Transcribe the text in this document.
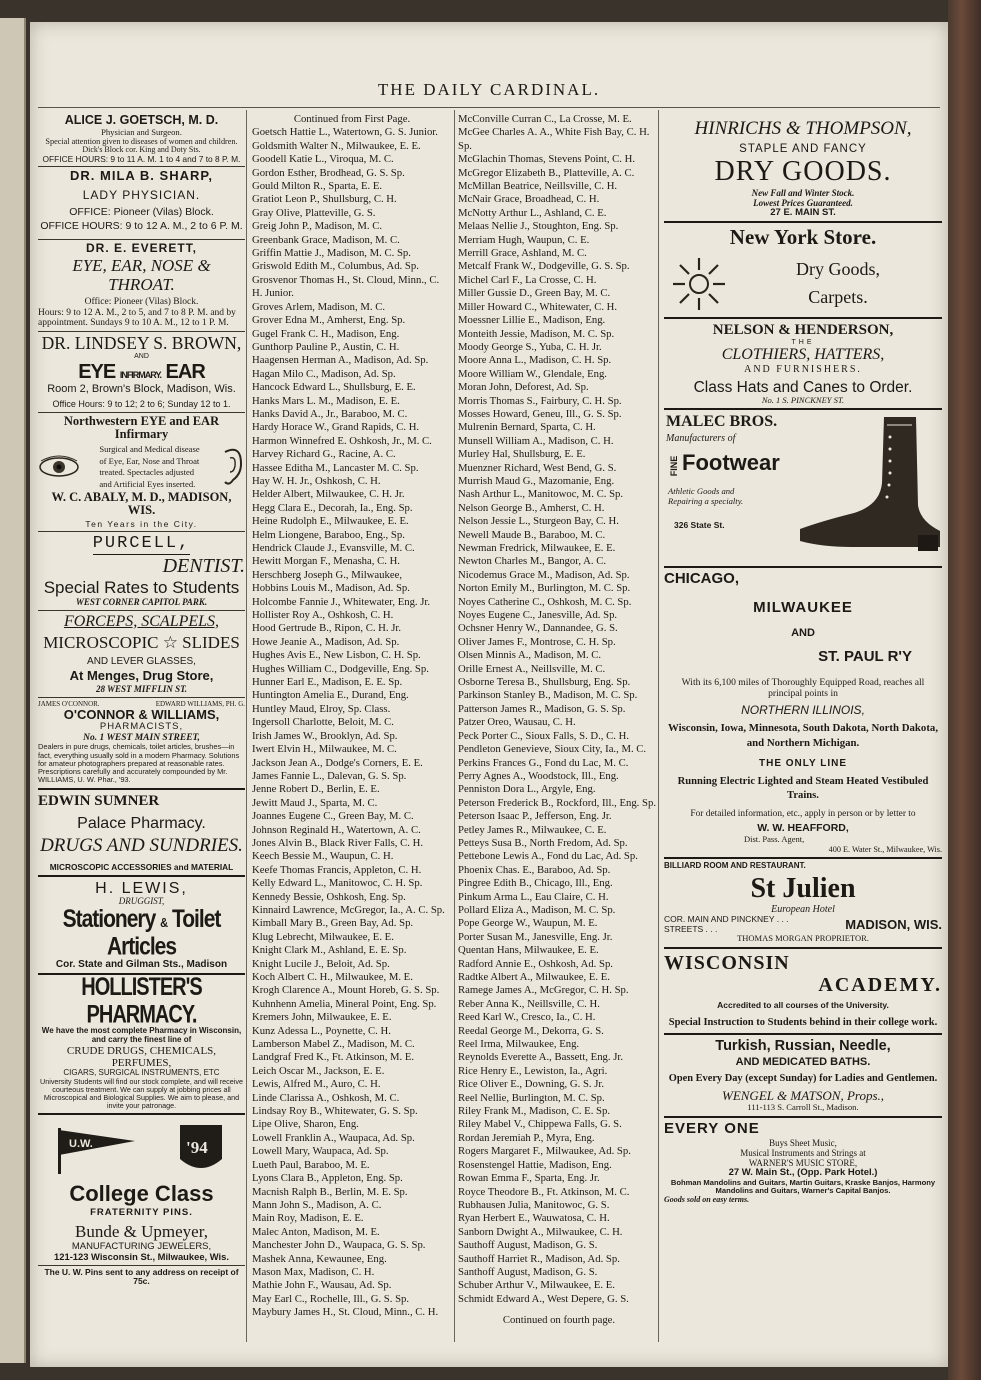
THE DAILY CARDINAL.

ALICE J. GOETSCH, M. D.

Physician and Surgeon.

Special attention given to diseases of women and children.

Dick's Block cor. King and Doty Sts.

OFFICE HOURS: 9 to 11 A. M. 1 to 4 and 7 to 8 P. M.

DR. MILA B. SHARP,

LADY PHYSICIAN.

OFFICE: Pioneer (Vilas) Block.

OFFICE HOURS: 9 to 12 A. M., 2 to 6 P. M.

DR. E. EVERETT,

EYE, EAR, NOSE & THROAT.

Office: Pioneer (Vilas) Block.

Hours: 9 to 12 A. M., 2 to 5, and 7 to 8 P. M. and by appointment. Sundays 9 to 10 A. M., 12 to 1 P. M.

DR. LINDSEY S. BROWN,

AND

EYE INFIRMARY. EAR

Room 2, Brown's Block, Madison, Wis.

Office Hours: 9 to 12; 2 to 6; Sunday 12 to 1.

Northwestern EYE and EAR Infirmary

Surgical and Medical disease
of Eye, Ear, Nose and Throat
treated. Spectacles adjusted
and Artificial Eyes inserted.

W. C. ABALY, M. D., MADISON, WIS.

Ten Years in the City.

PURCELL,

DENTIST.

Special Rates to Students

WEST CORNER CAPITOL PARK.

FORCEPS, SCALPELS,

MICROSCOPIC ☆ SLIDES

AND LEVER GLASSES,

At Menges, Drug Store,

28 WEST MIFFLIN ST.

JAMES O'CONNOR.	EDWARD WILLIAMS, PH. G.

O'CONNOR & WILLIAMS,

PHARMACISTS,

No. 1 WEST MAIN STREET,

Dealers in pure drugs, chemicals, toilet articles, brushes—in fact, everything usually sold in a modern Pharmacy. Solutions for amateur photographers prepared at reasonable rates. Prescriptions carefully and accurately compounded by Mr. WILLIAMS, U. W. Phar., '93.

EDWIN SUMNER

Palace Pharmacy.

DRUGS AND SUNDRIES.

MICROSCOPIC ACCESSORIES and MATERIAL

H. LEWIS,

DRUGGIST,

Stationery & Toilet Articles

Cor. State and Gilman Sts., Madison

HOLLISTER'S PHARMACY.

We have the most complete Pharmacy in Wisconsin, and carry the finest line of

CRUDE DRUGS, CHEMICALS, PERFUMES,

CIGARS, SURGICAL INSTRUMENTS, ETC

University Students will find our stock complete, and will receive courteous treatment. We can supply at jobbing prices all Microscopical and Biological Supplies. We aim to please, and invite your patronage.

U.W.	'94

College Class

FRATERNITY PINS.

Bunde & Upmeyer,

MANUFACTURING JEWELERS,

121-123 Wisconsin St., Milwaukee, Wis.

The U. W. Pins sent to any address on receipt of 75c.

Continued from First Page.

Goetsch Hattie L., Watertown, G. S. Junior.

Goldsmith Walter N., Milwaukee, E. E.

Goodell Katie L., Viroqua, M. C.

Gordon Esther, Brodhead, G. S. Sp.

Gould Milton R., Sparta, E. E.

Gratiot Leon P., Shullsburg, C. H.

Gray Olive, Platteville, G. S.

Greig John P., Madison, M. C.

Greenbank Grace, Madison, M. C.

Griffin Mattie J., Madison, M. C. Sp.

Griswold Edith M., Columbus, Ad. Sp.

Grosvenor Thomas H., St. Cloud, Minn., C. H. Junior.

Groves Arlem, Madison, M. C.

Grover Edna M., Amherst, Eng. Sp.

Gugel Frank C. H., Madison, Eng.

Gunthorp Pauline P., Austin, C. H.

Haagensen Herman A., Madison, Ad. Sp.

Hagan Milo C., Madison, Ad. Sp.

Hancock Edward L., Shullsburg, E. E.

Hanks Mars L. M., Madison, E. E.

Hanks David A., Jr., Baraboo, M. C.

Hardy Horace W., Grand Rapids, C. H.

Harmon Winnefred E. Oshkosh, Jr., M. C.

Harvey Richard G., Racine, A. C.

Hassee Editha M., Lancaster M. C. Sp.

Hay W. H. Jr., Oshkosh, C. H.

Helder Albert, Milwaukee, C. H. Jr.

Hegg Clara E., Decorah, Ia., Eng. Sp.

Heine Rudolph E., Milwaukee, E. E.

Helm Liongene, Baraboo, Eng., Sp.

Hendrick Claude J., Evansville, M. C.

Hewitt Morgan F., Menasha, C. H.

Herschberg Joseph G., Milwaukee,

Hobbins Louis M., Madison, Ad. Sp.

Holcombe Fannie J., Whitewater, Eng. Jr.

Hollister Roy A., Oshkosh, C. H.

Hood Gertrude B., Ripon, C. H. Jr.

Howe Jeanie A., Madison, Ad. Sp.

Hughes Avis E., New Lisbon, C. H. Sp.

Hughes William C., Dodgeville, Eng. Sp.

Hunner Earl E., Madison, E. E. Sp.

Huntington Amelia E., Durand, Eng.

Huntley Maud, Elroy, Sp. Class.

Ingersoll Charlotte, Beloit, M. C.

Irish James W., Brooklyn, Ad. Sp.

Iwert Elvin H., Milwaukee, M. C.

Jackson Jean A., Dodge's Corners, E. E.

James Fannie L., Dalevan, G. S. Sp.

Jenne Robert D., Berlin, E. E.

Jewitt Maud J., Sparta, M. C.

Joannes Eugene C., Green Bay, M. C.

Johnson Reginald H., Watertown, A. C.

Jones Alvin B., Black River Falls, C. H.

Keech Bessie M., Waupun, C. H.

Keefe Thomas Francis, Appleton, C. H.

Kelly Edward L., Manitowoc, C. H. Sp.

Kennedy Bessie, Oshkosh, Eng. Sp.

Kinnaird Lawrence, McGregor, Ia., A. C. Sp.

Kimball Mary B., Green Bay, Ad. Sp.

Klug Lebrecht, Milwaukee, E. E.

Knight Clark M., Ashland, E. E. Sp.

Knight Lucile J., Beloit, Ad. Sp.

Koch Albert C. H., Milwaukee, M. E.

Krogh Clarence A., Mount Horeb, G. S. Sp.

Kuhnhenn Amelia, Mineral Point, Eng. Sp.

Kremers John, Milwaukee, E. E.

Kunz Adessa L., Poynette, C. H.

Lamberson Mabel Z., Madison, M. C.

Landgraf Fred K., Ft. Atkinson, M. E.

Leich Oscar M., Jackson, E. E.

Lewis, Alfred M., Auro, C. H.

Linde Clarissa A., Oshkosh, M. C.

Lindsay Roy B., Whitewater, G. S. Sp.

Lipe Olive, Sharon, Eng.

Lowell Franklin A., Waupaca, Ad. Sp.

Lowell Mary, Waupaca, Ad. Sp.

Lueth Paul, Baraboo, M. E.

Lyons Clara B., Appleton, Eng. Sp.

Macnish Ralph B., Berlin, M. E. Sp.

Mann John S., Madison, A. C.

Main Roy, Madison, E. E.

Malec Anton, Madison, M. E.

Manchester John D., Waupaca, G. S. Sp.

Mashek Anna, Kewaunee, Eng.

Mason Max, Madison, C. H.

Mathie John F., Wausau, Ad. Sp.

May Earl C., Rochelle, Ill., G. S. Sp.

Maybury James H., St. Cloud, Minn., C. H.

McConville Curran C., La Crosse, M. E.

McGee Charles A. A., White Fish Bay, C. H. Sp.

McGlachin Thomas, Stevens Point, C. H.

McGregor Elizabeth B., Platteville, A. C.

McMillan Beatrice, Neillsville, C. H.

McNair Grace, Broadhead, C. H.

McNotty Arthur L., Ashland, C. E.

Melaas Nellie J., Stoughton, Eng. Sp.

Merriam Hugh, Waupun, C. E.

Merrill Grace, Ashland, M. C.

Metcalf Frank W., Dodgeville, G. S. Sp.

Michel Carl F., La Crosse, C. H.

Miller Gussie D., Green Bay, M. C.

Miller Howard C., Whitewater, C. H.

Moessner Lillie E., Madison, Eng.

Monteith Jessie, Madison, M. C. Sp.

Moody George S., Yuba, C. H. Jr.

Moore Anna L., Madison, C. H. Sp.

Moore William W., Glendale, Eng.

Moran John, Deforest, Ad. Sp.

Morris Thomas S., Fairbury, C. H. Sp.

Mosses Howard, Geneu, Ill., G. S. Sp.

Mulrenin Bernard, Sparta, C. H.

Munsell William A., Madison, C. H.

Murley Hal, Shullsburg, E. E.

Muenzner Richard, West Bend, G. S.

Murrish Maud G., Mazomanie, Eng.

Nash Arthur L., Manitowoc, M. C. Sp.

Nelson George B., Amherst, C. H.

Nelson Jessie L., Sturgeon Bay, C. H.

Newell Maude B., Baraboo, M. C.

Newman Fredrick, Milwaukee, E. E.

Newton Charles M., Bangor, A. C.

Nicodemus Grace M., Madison, Ad. Sp.

Norton Emily M., Burlington, M. C. Sp.

Noyes Catherine C., Oshkosh, M. C. Sp.

Noyes Eugene C., Janesville, Ad. Sp.

Ochsner Henry W., Dannandee, G. S.

Oliver James F., Montrose, C. H. Sp.

Olsen Minnis A., Madison, M. C.

Orille Ernest A., Neillsville, M. C.

Osborne Teresa B., Shullsburg, Eng. Sp.

Parkinson Stanley B., Madison, M. C. Sp.

Patterson James R., Madison, G. S. Sp.

Patzer Oreo, Wausau, C. H.

Peck Porter C., Sioux Falls, S. D., C. H.

Pendleton Genevieve, Sioux City, Ia., M. C.

Perkins Frances G., Fond du Lac, M. C.

Perry Agnes A., Woodstock, Ill., Eng.

Penniston Dora L., Argyle, Eng.

Peterson Frederick B., Rockford, Ill., Eng. Sp.

Peterson Isaac P., Jefferson, Eng. Jr.

Petley James R., Milwaukee, C. E.

Petteys Susa B., North Fredom, Ad. Sp.

Pettebone Lewis A., Fond du Lac, Ad. Sp.

Phoenix Chas. E., Baraboo, Ad. Sp.

Pingree Edith B., Chicago, Ill., Eng.

Pinkum Arma L., Eau Claire, C. H.

Pollard Eliza A., Madison, M. C. Sp.

Pope George W., Waupun, M. E.

Porter Susan M., Janesville, Eng. Jr.

Quentan Hans, Milwaukee, E. E.

Radford Annie E., Oshkosh, Ad. Sp.

Radtke Albert A., Milwaukee, E. E.

Ramege James A., McGregor, C. H. Sp.

Reber Anna K., Neillsville, C. H.

Reed Karl W., Cresco, Ia., C. H.

Reedal George M., Dekorra, G. S.

Reel Irma, Milwaukee, Eng.

Reynolds Everette A., Bassett, Eng. Jr.

Rice Henry E., Lewiston, Ia., Agri.

Rice Oliver E., Downing, G. S. Jr.

Reel Nellie, Burlington, M. C. Sp.

Riley Frank M., Madison, C. E. Sp.

Riley Mabel V., Chippewa Falls, G. S.

Rordan Jeremiah P., Myra, Eng.

Rogers Margaret F., Milwaukee, Ad. Sp.

Rosenstengel Hattie, Madison, Eng.

Rowan Emma F., Sparta, Eng. Jr.

Royce Theodore B., Ft. Atkinson, M. C.

Rubhausen Julia, Manitowoc, G. S.

Ryan Herbert E., Wauwatosa, C. H.

Sanborn Dwight A., Milwaukee, C. H.

Sauthoff August, Madison, G. S.

Sauthoff Harriet R., Madison, Ad. Sp.

Santhoff August, Madison, G. S.

Schuber Arthur V., Milwaukee, E. E.

Schmidt Edward A., West Depere, G. S.

Continued on fourth page.

HINRICHS & THOMPSON,

STAPLE AND FANCY

DRY GOODS.

New Fall and Winter Stock.

Lowest Prices Guaranteed.

27 E. MAIN ST.

New York Store.

Dry Goods,
Carpets.

NELSON & HENDERSON,

THE

CLOTHIERS, HATTERS,

AND FURNISHERS.

Class Hats and Canes to Order.

No. 1 S. PINCKNEY ST.

MALEC BROS.

Manufacturers of

FINE Footwear

Athletic Goods and Repairing a specialty.

326 State St.

CHICAGO,

MILWAUKEE

AND

ST. PAUL R'Y

With its 6,100 miles of Thoroughly Equipped Road, reaches all principal points in

NORTHERN ILLINOIS,

Wisconsin, Iowa, Minnesota, South Dakota, North Dakota, and Northern Michigan.

THE ONLY LINE

Running Electric Lighted and Steam Heated Vestibuled Trains.

For detailed information, etc., apply in person or by letter to

W. W. HEAFFORD,

Dist. Pass. Agent,

400 E. Water St., Milwaukee, Wis.

BILLIARD ROOM AND RESTAURANT.

St Julien

European Hotel

COR. MAIN AND PINCKNEY . . . STREETS . . .	MADISON, WIS.

THOMAS MORGAN PROPRIETOR.

WISCONSIN

ACADEMY.

Accredited to all courses of the University.

Special Instruction to Students behind in their college work.

Turkish, Russian, Needle,

AND MEDICATED BATHS.

Open Every Day (except Sunday) for Ladies and Gentlemen.

WENGEL & MATSON, Props.,

111-113 S. Carroll St., Madison.

EVERY ONE

Buys Sheet Music,

Musical Instruments and Strings at

WARNER'S MUSIC STORE,

27 W. Main St., (Opp. Park Hotel.)

Bohman Mandolins and Guitars, Martin Guitars, Kraske Banjos, Harmony Mandolins and Guitars, Warner's Capital Banjos.

Goods sold on easy terms.
